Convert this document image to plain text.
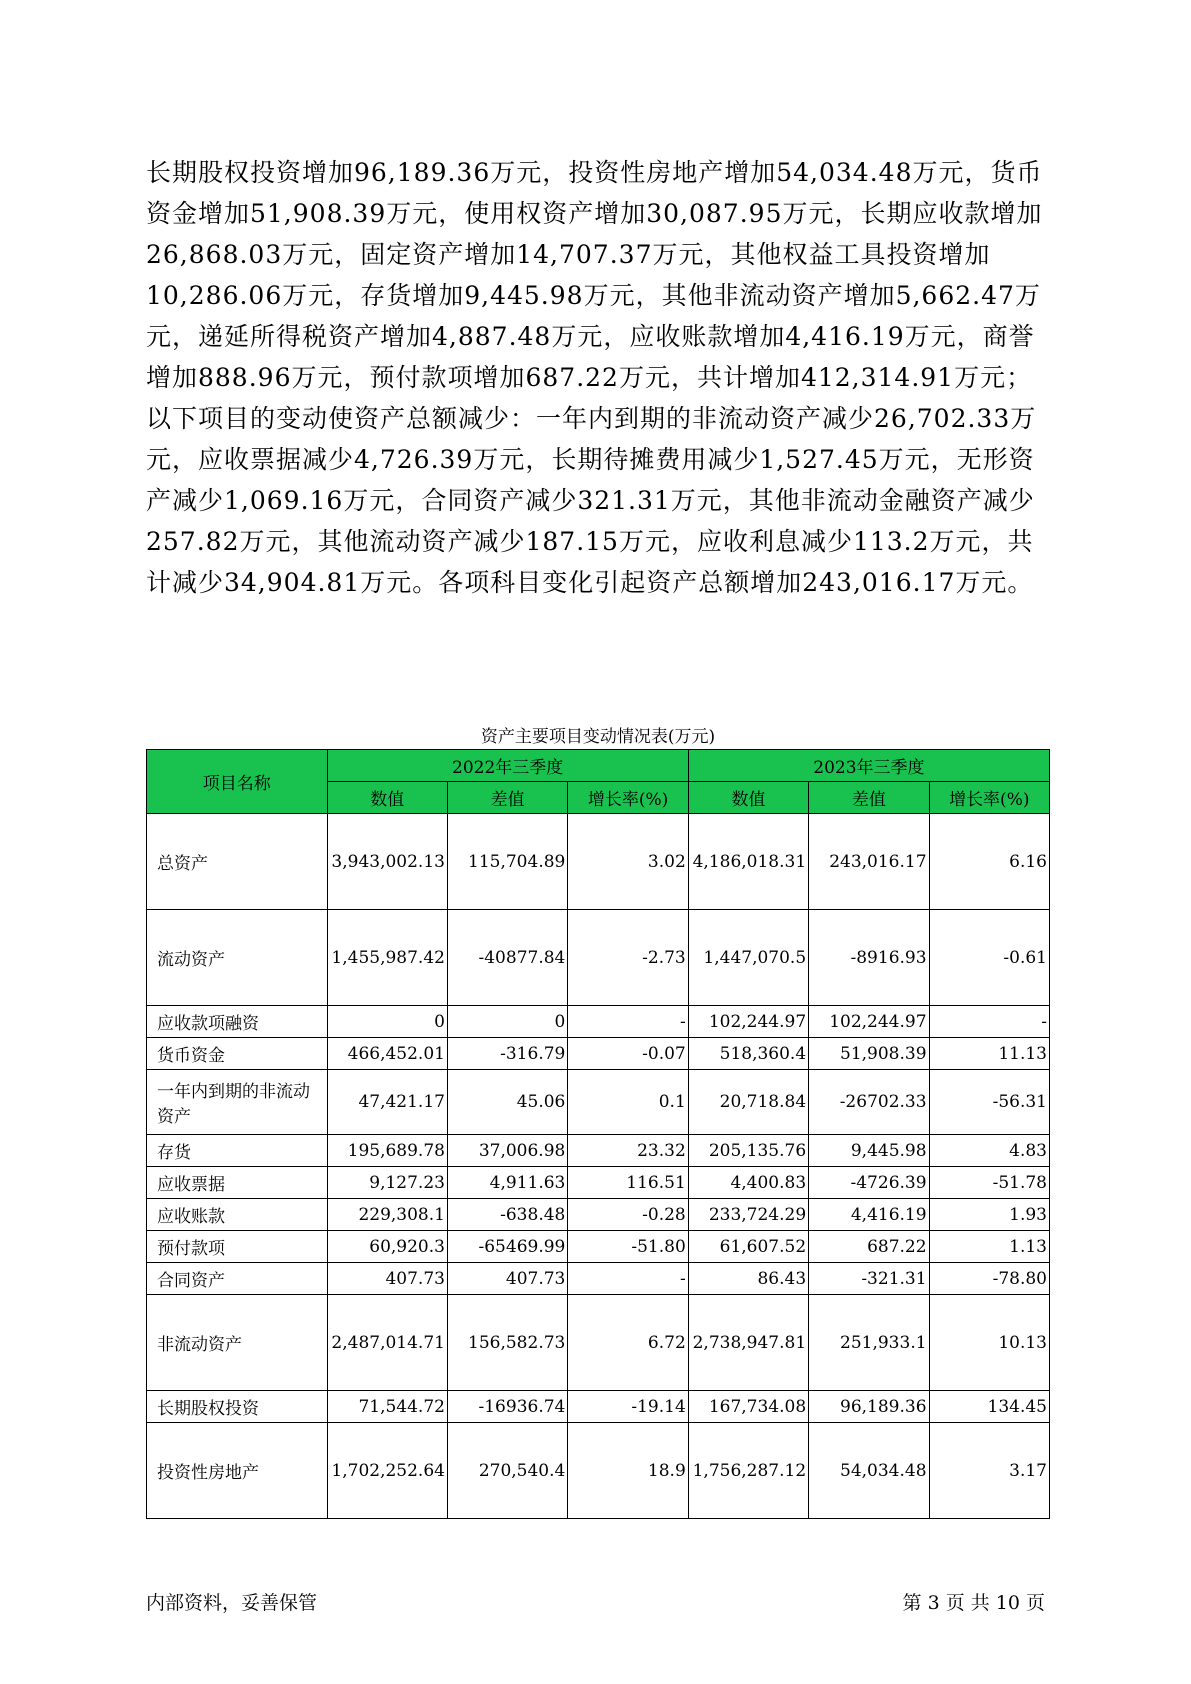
长期股权投资增加96,189.36万元，投资性房地产增加54,034.48万元，货币资金增加51,908.39万元，使用权资产增加30,087.95万元，长期应收款增加26,868.03万元，固定资产增加14,707.37万元，其他权益工具投资增加10,286.06万元，存货增加9,445.98万元，其他非流动资产增加5,662.47万元，递延所得税资产增加4,887.48万元，应收账款增加4,416.19万元，商誉增加888.96万元，预付款项增加687.22万元，共计增加412,314.91万元；以下项目的变动使资产总额减少：一年内到期的非流动资产减少26,702.33万元，应收票据减少4,726.39万元，长期待摊费用减少1,527.45万元，无形资产减少1,069.16万元，合同资产减少321.31万元，其他非流动金融资产减少257.82万元，其他流动资产减少187.15万元，应收利息减少113.2万元，共计减少34,904.81万元。各项科目变化引起资产总额增加243,016.17万元。

资产主要项目变动情况表(万元)

项目名称	2022年三季度			2023年三季度		
	数值	差值	增长率(%)	数值	差值	增长率(%)
总资产	3,943,002.13	115,704.89	3.02	4,186,018.31	243,016.17	6.16
流动资产	1,455,987.42	-40877.84	-2.73	1,447,070.5	-8916.93	-0.61
应收款项融资	0	0	-	102,244.97	102,244.97	-
货币资金	466,452.01	-316.79	-0.07	518,360.4	51,908.39	11.13
一年内到期的非流动资产	47,421.17	45.06	0.1	20,718.84	-26702.33	-56.31
存货	195,689.78	37,006.98	23.32	205,135.76	9,445.98	4.83
应收票据	9,127.23	4,911.63	116.51	4,400.83	-4726.39	-51.78
应收账款	229,308.1	-638.48	-0.28	233,724.29	4,416.19	1.93
预付款项	60,920.3	-65469.99	-51.80	61,607.52	687.22	1.13
合同资产	407.73	407.73	-	86.43	-321.31	-78.80
非流动资产	2,487,014.71	156,582.73	6.72	2,738,947.81	251,933.1	10.13
长期股权投资	71,544.72	-16936.74	-19.14	167,734.08	96,189.36	134.45
投资性房地产	1,702,252.64	270,540.4	18.9	1,756,287.12	54,034.48	3.17
内部资料，妥善保管	第 3 页 共 10 页
